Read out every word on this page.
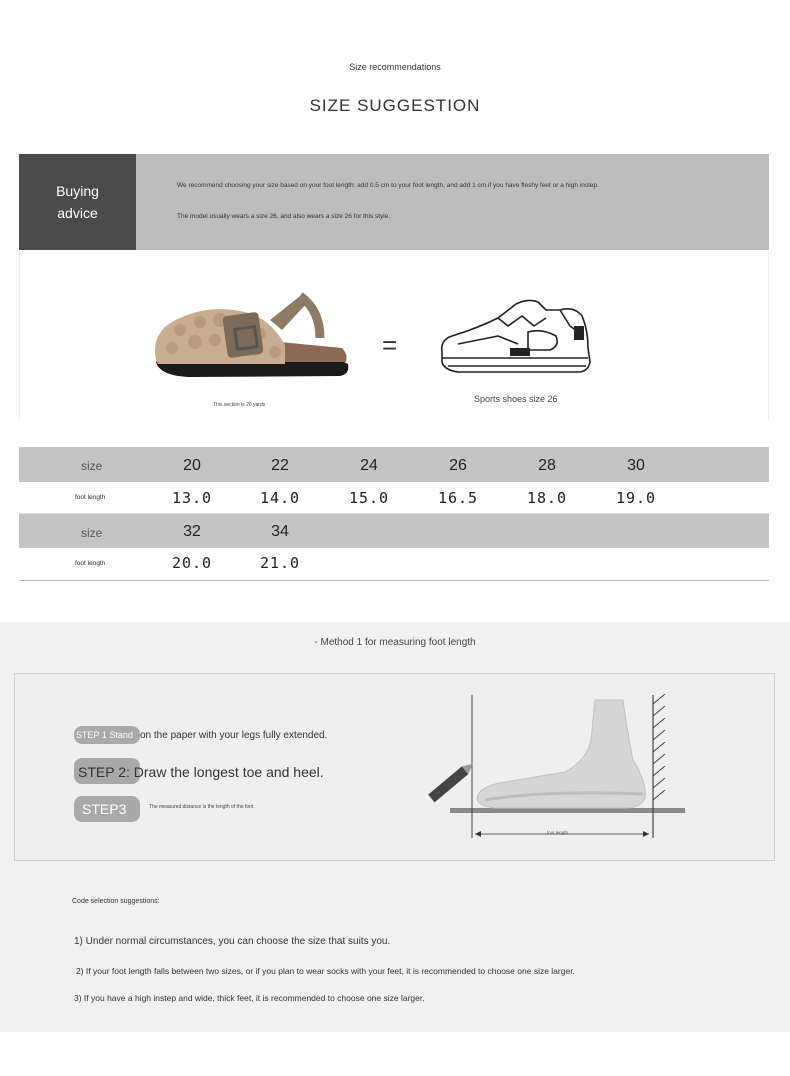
Size recommendations
SIZE SUGGESTION
Buying
advice
We recommend choosing your size based on your foot length: add 0.5 cm to your foot length, and add 1 cm if you have fleshy feet or a high instep.
The model usually wears a size 26, and also wears a size 26 for this style.
=
This section is 26 yards
Sports shoes size 26
size	20	22	24	26	28	30
foot length	13.0	14.0	15.0	16.5	18.0	19.0
size	32	34
foot length	20.0	21.0
- Method 1 for measuring foot length
STEP 1 Stand on the paper with your legs fully extended.
STEP 2: Draw the longest toe and heel.
STEP3	The measured distance is the length of the foot.
foot length
Code selection suggestions:
1) Under normal circumstances, you can choose the size that suits you.
2) If your foot length falls between two sizes, or if you plan to wear socks with your feet, it is recommended to choose one size larger.
3) If you have a high instep and wide, thick feet, it is recommended to choose one size larger.
